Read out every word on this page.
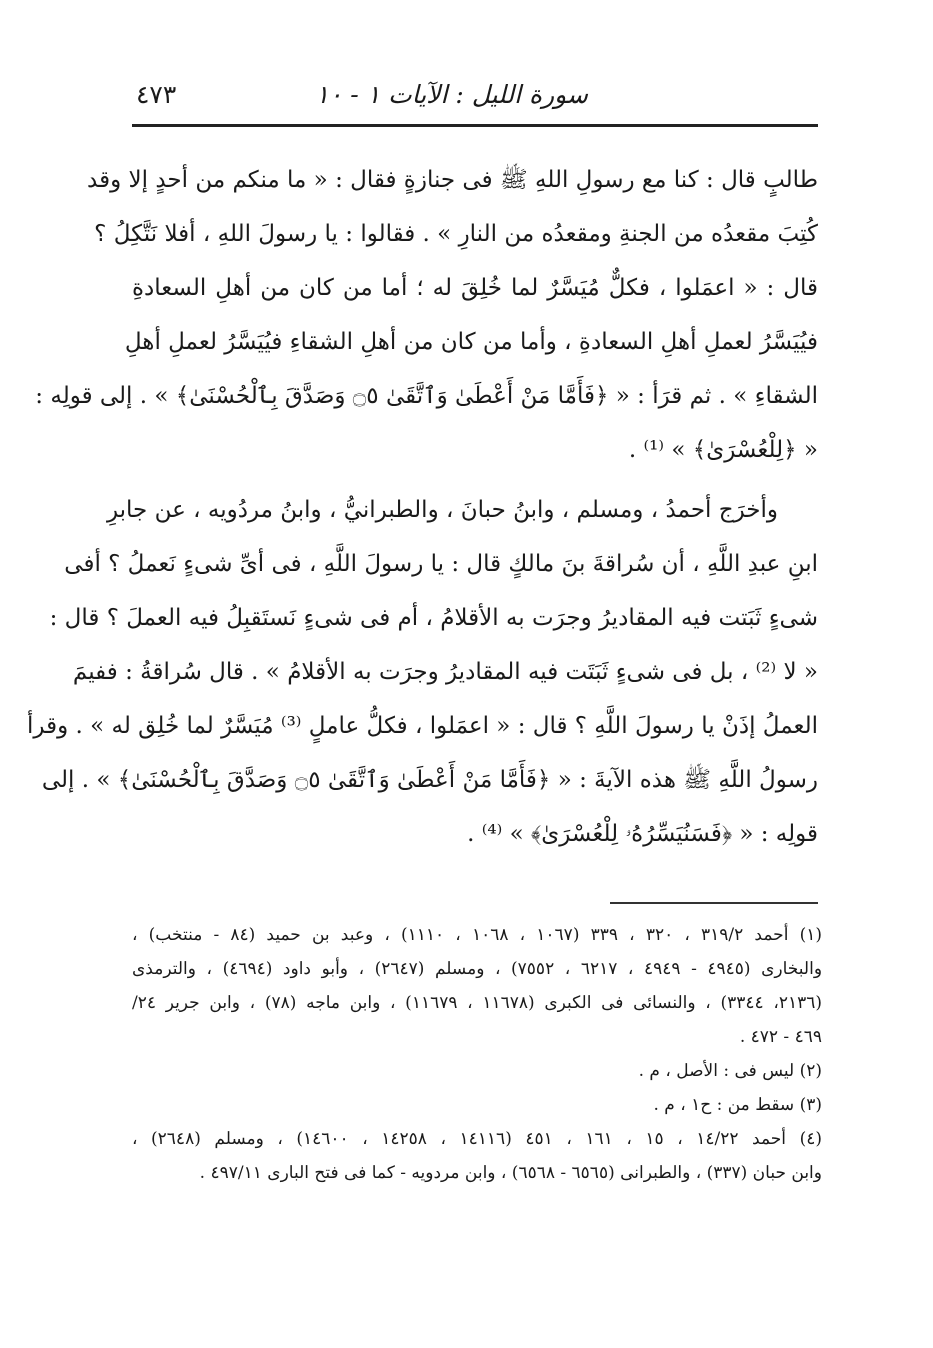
سورة الليل : الآيات ١ - ١٠
٤٧٣
طالبٍ قال : كنا مع رسولِ اللهِ ﷺ فى جنازةٍ فقال : « ما منكم من أحدٍ إلا وقد
كُتِبَ مقعدُه من الجنةِ ومقعدُه من النارِ » . فقالوا : يا رسولَ اللهِ ، أفلا نَتَّكِلُ ؟
قال : « اعمَلوا ، فكلٌّ مُيَسَّرٌ لما خُلِقَ له ؛ أما من كان من أهلِ السعادةِ
فيُيَسَّرُ لعملِ أهلِ السعادةِ ، وأما من كان من أهلِ الشقاءِ فيُيَسَّرُ لعملِ أهلِ
الشقاءِ » . ثم قرَأ : « ﴿فَأَمَّا مَنْ أَعْطَىٰ وَٱتَّقَىٰ ۝٥ وَصَدَّقَ بِٱلْحُسْنَىٰ﴾ » . إلى قولِه :
« ﴿لِلْعُسْرَىٰ﴾ » ⁽¹⁾ .
وأخرَج أحمدُ ، ومسلم ، وابنُ حبانَ ، والطبرانيُّ ، وابنُ مردُويه ، عن جابرِ
ابنِ عبدِ اللَّهِ ، أن سُراقةَ بنَ مالكٍ قال : يا رسولَ اللَّهِ ، فى أىِّ شىءٍ نَعملُ ؟ أفى
شىءٍ ثَبَتت فيه المقاديرُ وجرَت به الأقلامُ ، أم فى شىءٍ نَستَقبِلُ فيه العملَ ؟ قال :
« لا ⁽²⁾ ، بل فى شىءٍ ثَبَتَت فيه المقاديرُ وجرَت به الأقلامُ » . قال سُراقةُ : ففيمَ
العملُ إذَنْ يا رسولَ اللَّهِ ؟ قال : « اعمَلوا ، فكلُّ عاملٍ ⁽³⁾ مُيَسَّرٌ لما خُلِق له » . وقرأ
رسولُ اللَّهِ ﷺ هذه الآيةَ : « ﴿فَأَمَّا مَنْ أَعْطَىٰ وَٱتَّقَىٰ ۝٥ وَصَدَّقَ بِٱلْحُسْنَىٰ﴾ » . إلى
قولِه : « ﴿فَسَنُيَسِّرُهُۥ لِلْعُسْرَىٰ﴾ » ⁽⁴⁾ .
(١) أحمد ٣١٩/٢ ، ٣٢٠ ، ٣٣٩ (١٠٦٧ ، ١٠٦٨ ، ١١١٠) ، وعبد بن حميد (٨٤ - منتخب) ،
والبخارى (٤٩٤٥ - ٤٩٤٩ ، ٦٢١٧ ، ٧٥٥٢) ، ومسلم (٢٦٤٧) ، وأبو داود (٤٦٩٤) ، والترمذى
(٢١٣٦، ٣٣٤٤) ، والنسائى فى الكبرى (١١٦٧٨ ، ١١٦٧٩) ، وابن ماجه (٧٨) ، وابن جرير ٢٤/
٤٦٩ - ٤٧٢ .
(٢) ليس فى : الأصل ، م .
(٣) سقط من : ح١ ، م .
(٤) أحمد ١٤/٢٢ ، ١٥ ، ١٦١ ، ٤٥١ (١٤١١٦ ، ١٤٢٥٨ ، ١٤٦٠٠) ، ومسلم (٢٦٤٨) ،
وابن حبان (٣٣٧) ، والطبرانى (٦٥٦٥ - ٦٥٦٨) ، وابن مردويه - كما فى فتح البارى ٤٩٧/١١ .
